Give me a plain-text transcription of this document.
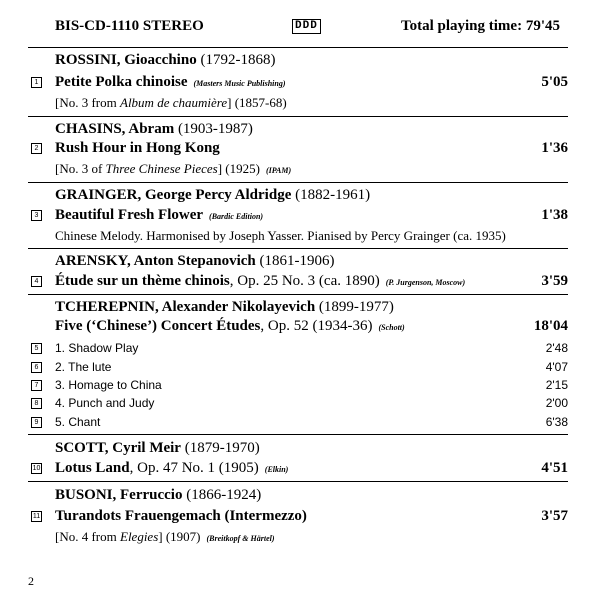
BIS-CD-1110 STEREO	DDD	Total playing time: 79'45
ROSSINI, Gioacchino (1792-1868)
1 Petite Polka chinoise (Masters Music Publishing)	5'05
[No. 3 from Album de chaumière] (1857-68)
CHASINS, Abram (1903-1987)
2 Rush Hour in Hong Kong	1'36
[No. 3 of Three Chinese Pieces] (1925) (IPAM)
GRAINGER, George Percy Aldridge (1882-1961)
3 Beautiful Fresh Flower (Bardic Edition)	1'38
Chinese Melody. Harmonised by Joseph Yasser. Pianised by Percy Grainger (ca. 1935)
ARENSKY, Anton Stepanovich (1861-1906)
4 Étude sur un thème chinois, Op. 25 No. 3 (ca. 1890) (P. Jurgenson, Moscow)	3'59
TCHEREPNIN, Alexander Nikolayevich (1899-1977)
Five (‘Chinese’) Concert Études, Op. 52 (1934-36) (Schott)	18'04
5 1. Shadow Play	2'48
6 2. The lute	4'07
7 3. Homage to China	2'15
8 4. Punch and Judy	2'00
9 5. Chant	6'38
SCOTT, Cyril Meir (1879-1970)
10 Lotus Land, Op. 47 No. 1 (1905) (Elkin)	4'51
BUSONI, Ferruccio (1866-1924)
11 Turandots Frauengemach (Intermezzo)	3'57
[No. 4 from Elegies] (1907) (Breitkopf & Härtel)
2
